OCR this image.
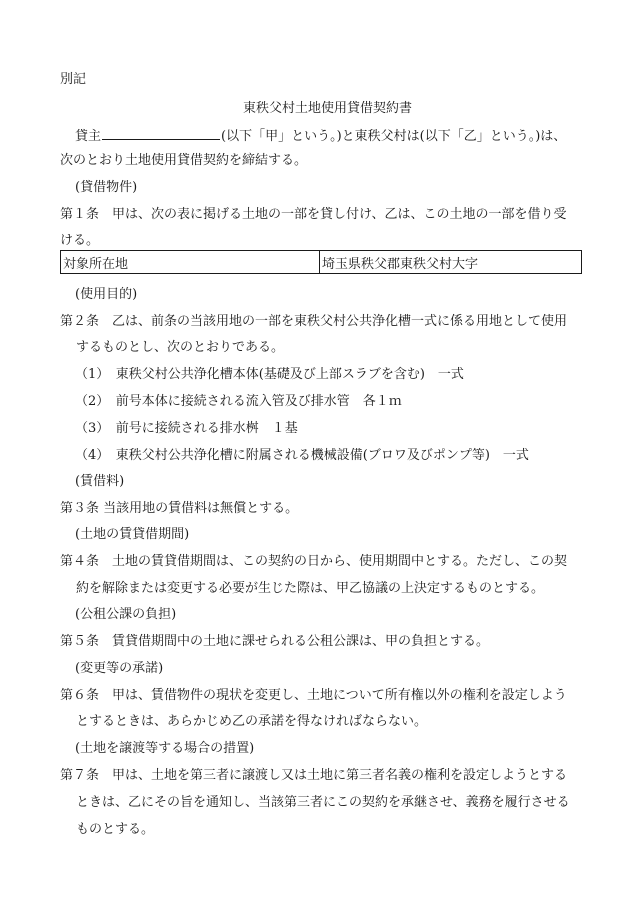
別記
東秩父村土地使用貸借契約書
貸主	(以下「甲」という。)と東秩父村は(以下「乙」という。)は、
次のとおり土地使用貸借契約を締結する。
(貸借物件)
第１条　甲は、次の表に掲げる土地の一部を貸し付け、乙は、この土地の一部を借り受
ける。
対象所在地	埼玉県秩父郡東秩父村大字
(使用目的)
第２条　乙は、前条の当該用地の一部を東秩父村公共浄化槽一式に係る用地として使用
するものとし、次のとおりである。
（1）　東秩父村公共浄化槽本体(基礎及び上部スラブを含む)　一式
（2）　前号本体に接続される流入管及び排水管　各１ｍ
（3）　前号に接続される排水桝　１基
（4）　東秩父村公共浄化槽に附属される機械設備(ブロワ及びポンプ等)　一式
(賃借料)
第３条 当該用地の賃借料は無償とする。
(土地の賃貸借期間)
第４条　土地の賃貸借期間は、この契約の日から、使用期間中とする。ただし、この契
約を解除または変更する必要が生じた際は、甲乙協議の上決定するものとする。
(公租公課の負担)
第５条　賃貸借期間中の土地に課せられる公租公課は、甲の負担とする。
(変更等の承諾)
第６条　甲は、賃借物件の現状を変更し、土地について所有権以外の権利を設定しよう
とするときは、あらかじめ乙の承諾を得なければならない。
(土地を譲渡等する場合の措置)
第７条　甲は、土地を第三者に譲渡し又は土地に第三者名義の権利を設定しようとする
ときは、乙にその旨を通知し、当該第三者にこの契約を承継させ、義務を履行させる
ものとする。
